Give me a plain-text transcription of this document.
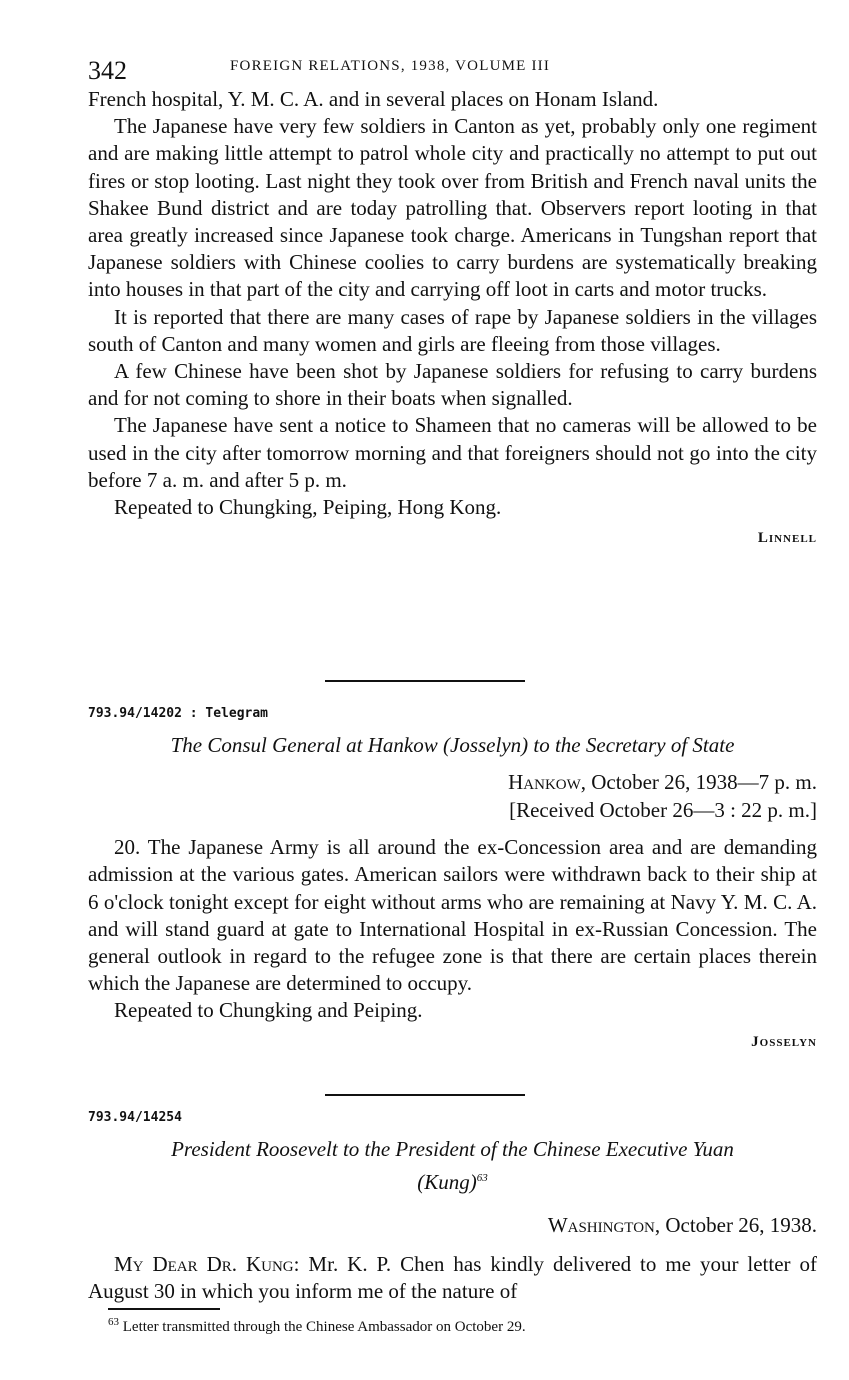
342	FOREIGN RELATIONS, 1938, VOLUME III

French hospital, Y. M. C. A. and in several places on Honam Island.

The Japanese have very few soldiers in Canton as yet, probably only one regiment and are making little attempt to patrol whole city and practically no attempt to put out fires or stop looting. Last night they took over from British and French naval units the Shakee Bund district and are today patrolling that. Observers report looting in that area greatly increased since Japanese took charge. Americans in Tungshan report that Japanese soldiers with Chinese coolies to carry burdens are systematically breaking into houses in that part of the city and carrying off loot in carts and motor trucks.

It is reported that there are many cases of rape by Japanese soldiers in the villages south of Canton and many women and girls are fleeing from those villages.

A few Chinese have been shot by Japanese soldiers for refusing to carry burdens and for not coming to shore in their boats when signalled.

The Japanese have sent a notice to Shameen that no cameras will be allowed to be used in the city after tomorrow morning and that foreigners should not go into the city before 7 a. m. and after 5 p. m.

Repeated to Chungking, Peiping, Hong Kong.

Linnell

793.94/14202 : Telegram

The Consul General at Hankow (Josselyn) to the Secretary of State

Hankow, October 26, 1938—7 p. m.

[Received October 26—3 : 22 p. m.]

20. The Japanese Army is all around the ex-Concession area and are demanding admission at the various gates. American sailors were withdrawn back to their ship at 6 o'clock tonight except for eight without arms who are remaining at Navy Y. M. C. A. and will stand guard at gate to International Hospital in ex-Russian Concession. The general outlook in regard to the refugee zone is that there are certain places therein which the Japanese are determined to occupy.

Repeated to Chungking and Peiping.

Josselyn

793.94/14254

President Roosevelt to the President of the Chinese Executive Yuan
(Kung)$^{63}$

Washington, October 26, 1938.

My Dear Dr. Kung: Mr. K. P. Chen has kindly delivered to me your letter of August 30 in which you inform me of the nature of

$^{63}$ Letter transmitted through the Chinese Ambassador on October 29.
